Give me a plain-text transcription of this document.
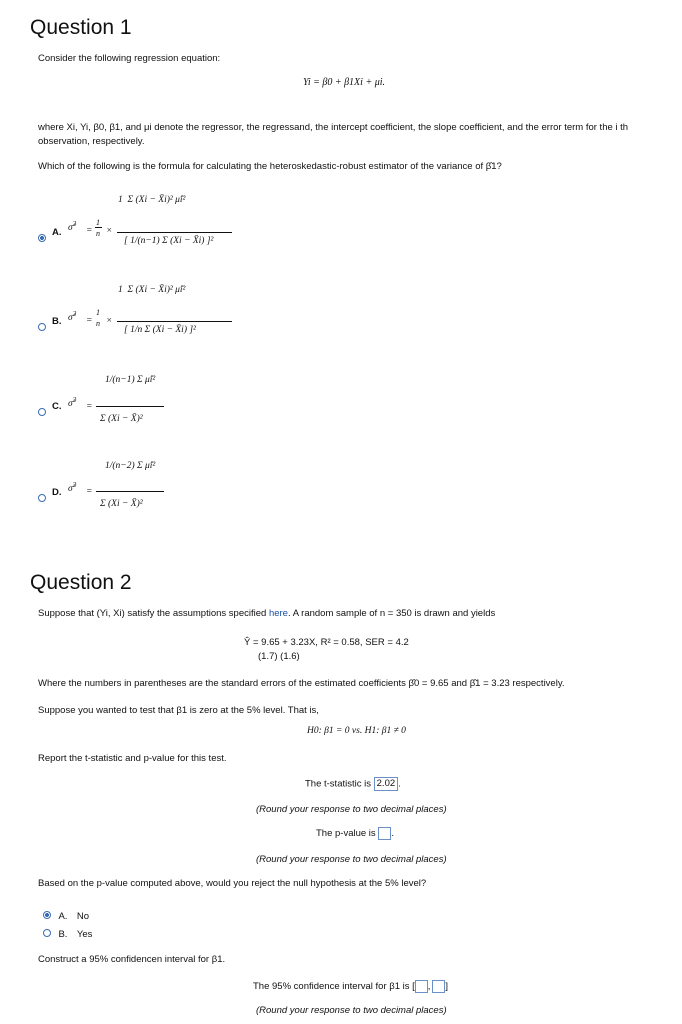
Question 1
Consider the following regression equation:
Yi = β0 + β1Xi + μi.
where Xi, Yi, β0, β1, and μi denote the regressor, the regressand, the intercept coefficient, the slope coefficient, and the error term for the i th
observation, respectively.
Which of the following is the formula for calculating the heteroskedastic-robust estimator of the variance of β̂1?
A. σ̂$^2$
=
1
n ×
1  Σ (Xi − X̄i)² μ̂i²
[ 1/(n−1) Σ (Xi − X̄i) ]²
B. σ̂$^2$
=
1
n ×
1  Σ (Xi − X̄i)² μ̂i²
[ 1/n Σ (Xi − X̄i) ]²
C. σ̃$^2$
=
1/(n−1) Σ μ̂i²
Σ (Xi − X̄)²
D. σ̃$^2$
=
1/(n−2) Σ μ̂i²
Σ (Xi − X̄)²
Question 2
Suppose that (Yi, Xi) satisfy the assumptions specified here. A random sample of n = 350 is drawn and yields
Ŷ = 9.65 + 3.23X, R² = 0.58, SER = 4.2
(1.7) (1.6)
Where the numbers in parentheses are the standard errors of the estimated coefficients β̂0 = 9.65 and β̂1 = 3.23 respectively.
Suppose you wanted to test that β1 is zero at the 5% level. That is,
H0: β1 = 0 vs. H1: β1 ≠ 0
Report the t-statistic and p-value for this test.
The t-statistic is 2.02 .
(Round your response to two decimal places)
The p-value is .
(Round your response to two decimal places)
Based on the p-value computed above, would you reject the null hypothesis at the 5% level?
A. No
B. Yes
Construct a 95% confidencen interval for β1.
The 95% confidence interval for β1 is [ , ]
(Round your response to two decimal places)
